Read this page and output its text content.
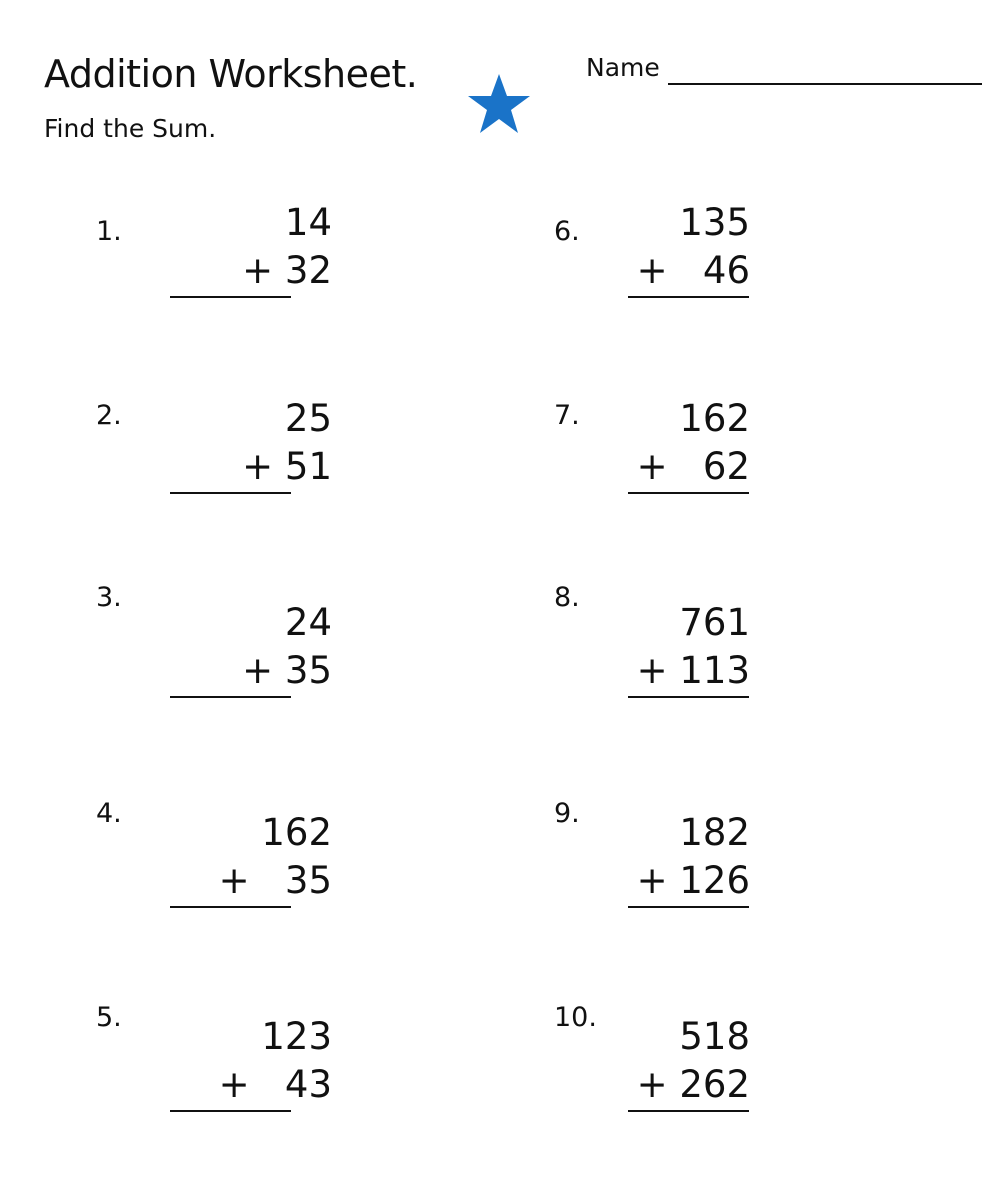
Addition Worksheet.
Find the Sum.
Name
1.	14
+ 32
2.	25
+ 51
3.
24
+ 35
4.	162
+   35
5.	123
+   43
6.	135
+   46
7.	162
+   62
8.
761
+ 113
9.	182
+ 126
10.	518
+ 262
